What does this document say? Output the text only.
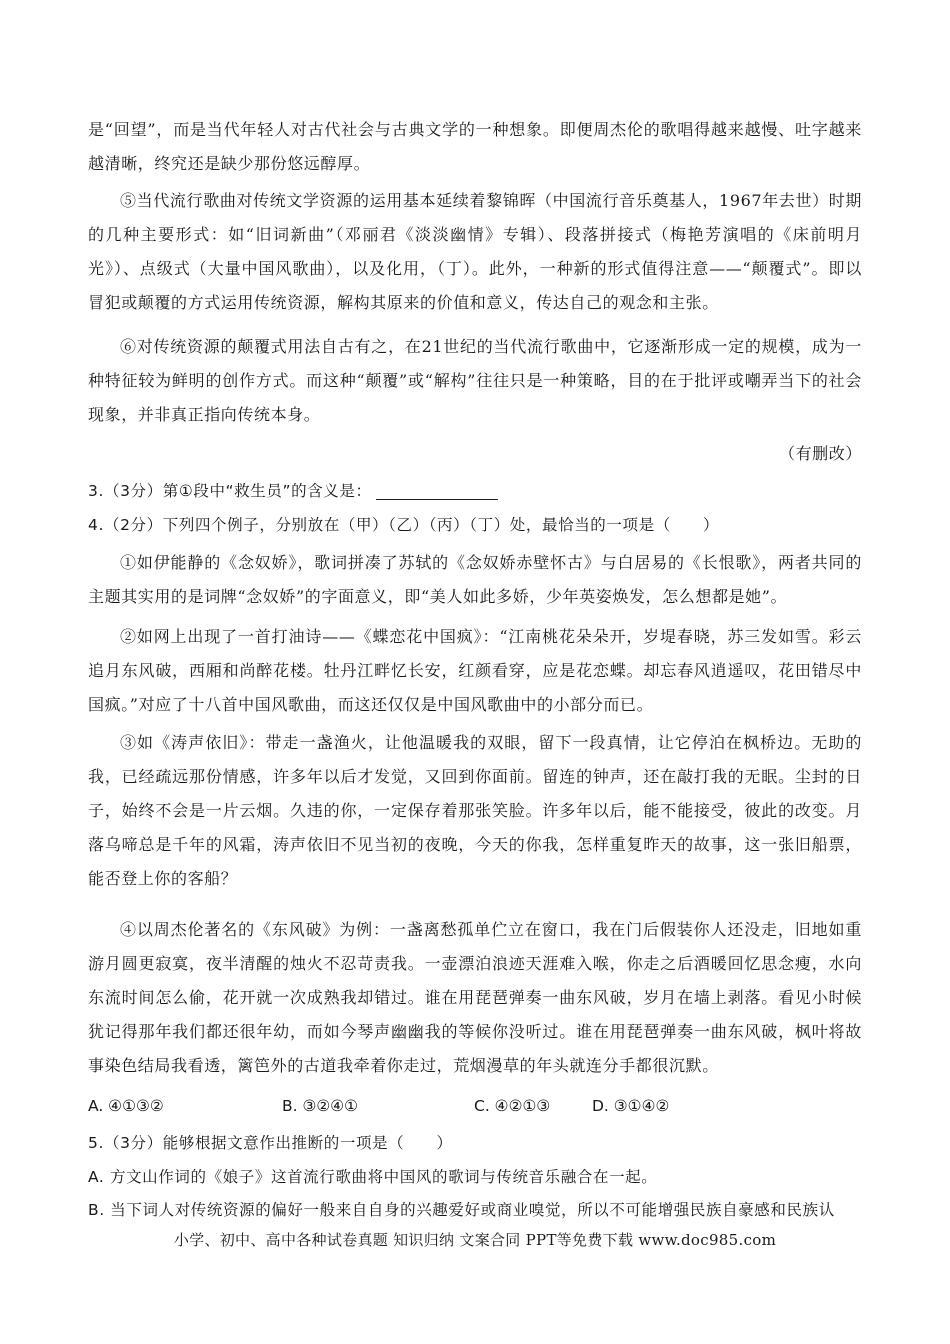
是“回望”，而是当代年轻人对古代社会与古典文学的一种想象。即便周杰伦的歌唱得越来越慢、吐字越来越清晰，终究还是缺少那份悠远醇厚。

⑤当代流行歌曲对传统文学资源的运用基本延续着黎锦晖（中国流行音乐奠基人，1967年去世）时期的几种主要形式：如“旧词新曲”（邓丽君《淡淡幽情》专辑）、段落拼接式（梅艳芳演唱的《床前明月光》）、点级式（大量中国风歌曲），以及化用，（丁）。此外，一种新的形式值得注意——“颠覆式”。即以冒犯或颠覆的方式运用传统资源，解构其原来的价值和意义，传达自己的观念和主张。

⑥对传统资源的颠覆式用法自古有之，在21世纪的当代流行歌曲中，它逐渐形成一定的规模，成为一种特征较为鲜明的创作方式。而这种“颠覆”或“解构”往往只是一种策略，目的在于批评或嘲弄当下的社会现象，并非真正指向传统本身。

（有删改）

3.（3分）第①段中“救生员”的含义是：

4.（2分）下列四个例子，分别放在（甲）（乙）（丙）（丁）处，最恰当的一项是（　　）

①如伊能静的《念奴娇》，歌词拼凑了苏轼的《念奴娇赤壁怀古》与白居易的《长恨歌》，两者共同的主题其实用的是词牌“念奴娇”的字面意义，即“美人如此多娇，少年英姿焕发，怎么想都是她”。

②如网上出现了一首打油诗——《蝶恋花中国疯》：“江南桃花朵朵开，岁堤春晓，苏三发如雪。彩云追月东风破，西厢和尚醉花楼。牡丹江畔忆长安，红颜看穿，应是花恋蝶。却忘春风逍遥叹，花田错尽中国疯。”对应了十八首中国风歌曲，而这还仅仅是中国风歌曲中的小部分而已。

③如《涛声依旧》：带走一盏渔火，让他温暖我的双眼，留下一段真情，让它停泊在枫桥边。无助的我，已经疏远那份情感，许多年以后才发觉，又回到你面前。留连的钟声，还在敲打我的无眠。尘封的日子，始终不会是一片云烟。久违的你，一定保存着那张笑脸。许多年以后，能不能接受，彼此的改变。月落乌啼总是千年的风霜，涛声依旧不见当初的夜晚，今天的你我，怎样重复昨天的故事，这一张旧船票，能否登上你的客船？

④以周杰伦著名的《东风破》为例：一盏离愁孤单伫立在窗口，我在门后假装你人还没走，旧地如重游月圆更寂寞，夜半清醒的烛火不忍苛责我。一壶漂泊浪迹天涯难入喉，你走之后酒暖回忆思念瘦，水向东流时间怎么偷，花开就一次成熟我却错过。谁在用琵琶弹奏一曲东风破，岁月在墙上剥落。看见小时候犹记得那年我们都还很年幼，而如今琴声幽幽我的等候你没听过。谁在用琵琶弹奏一曲东风破，枫叶将故事染色结局我看透，篱笆外的古道我牵着你走过，荒烟漫草的年头就连分手都很沉默。

A. ④①③②	B. ③②④①	C. ④②①③	D. ③①④②

5.（3分）能够根据文意作出推断的一项是（　　）

A. 方文山作词的《娘子》这首流行歌曲将中国风的歌词与传统音乐融合在一起。

B. 当下词人对传统资源的偏好一般来自自身的兴趣爱好或商业嗅觉，所以不可能增强民族自豪感和民族认

小学、初中、高中各种试卷真题 知识归纳 文案合同 PPT等免费下载 www.doc985.com
